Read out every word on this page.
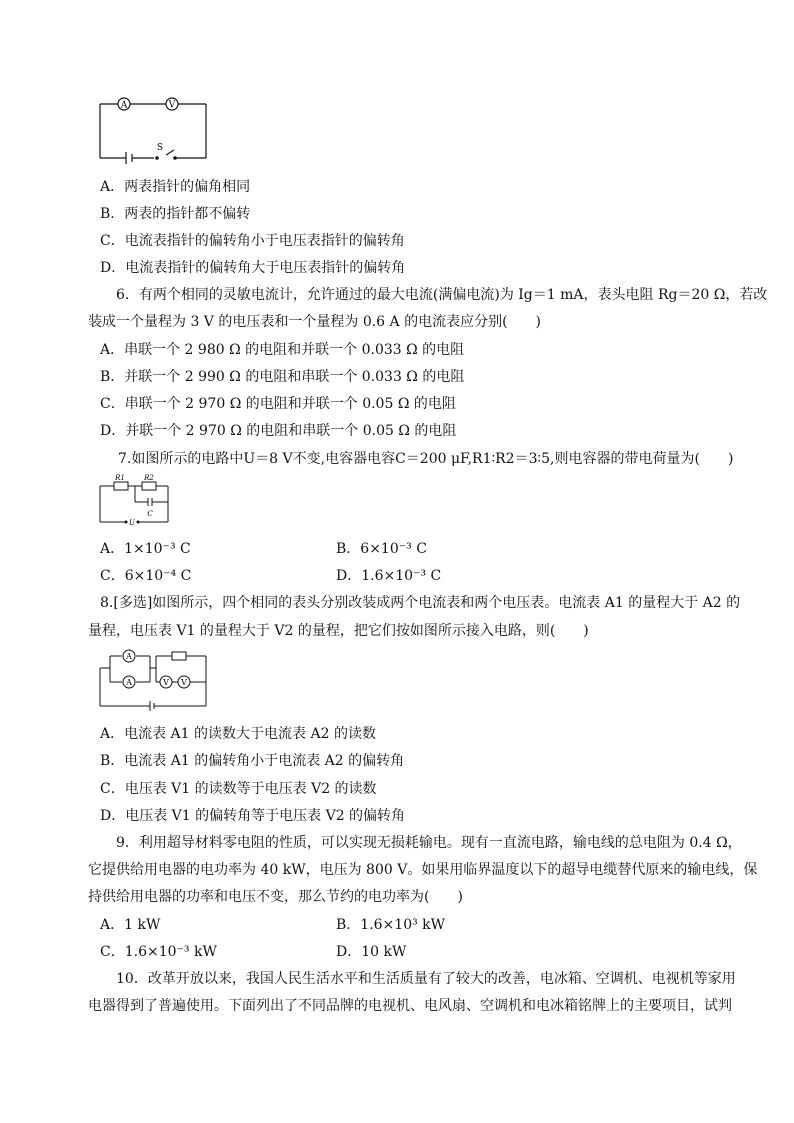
A	V
S
A．两表指针的偏角相同
B．两表的指针都不偏转
C．电流表指针的偏转角小于电压表指针的偏转角
D．电流表指针的偏转角大于电压表指针的偏转角
6．有两个相同的灵敏电流计，允许通过的最大电流(满偏电流)为 Ig＝1 mA，表头电阻 Rg＝20 Ω，若改
装成一个量程为 3 V 的电压表和一个量程为 0.6 A 的电流表应分别(　　)
A．串联一个 2 980 Ω 的电阻和并联一个 0.033 Ω 的电阻
B．并联一个 2 990 Ω 的电阻和串联一个 0.033 Ω 的电阻
C．串联一个 2 970 Ω 的电阻和并联一个 0.05 Ω 的电阻
D．并联一个 2 970 Ω 的电阻和串联一个 0.05 Ω 的电阻
7.如图所示的电路中U＝8 V不变,电容器电容C＝200 μF,R1∶R2＝3∶5,则电容器的带电荷量为(　　)
R1	R2
C
U
A．1×10⁻³ C	B．6×10⁻³ C
C．6×10⁻⁴ C	D．1.6×10⁻³ C
8.[多选]如图所示，四个相同的表头分别改装成两个电流表和两个电压表。电流表 A1 的量程大于 A2 的
量程，电压表 V1 的量程大于 V2 的量程，把它们按如图所示接入电路，则(　　)
A
A	V V
A．电流表 A1 的读数大于电流表 A2 的读数
B．电流表 A1 的偏转角小于电流表 A2 的偏转角
C．电压表 V1 的读数等于电压表 V2 的读数
D．电压表 V1 的偏转角等于电压表 V2 的偏转角
9．利用超导材料零电阻的性质，可以实现无损耗输电。现有一直流电路，输电线的总电阻为 0.4 Ω，
它提供给用电器的电功率为 40 kW，电压为 800 V。如果用临界温度以下的超导电缆替代原来的输电线，保
持供给用电器的功率和电压不变，那么节约的电功率为(　　)
A．1 kW	B．1.6×10³ kW
C．1.6×10⁻³ kW	D．10 kW
10．改革开放以来，我国人民生活水平和生活质量有了较大的改善，电冰箱、空调机、电视机等家用
电器得到了普遍使用。下面列出了不同品牌的电视机、电风扇、空调机和电冰箱铭牌上的主要项目，试判
